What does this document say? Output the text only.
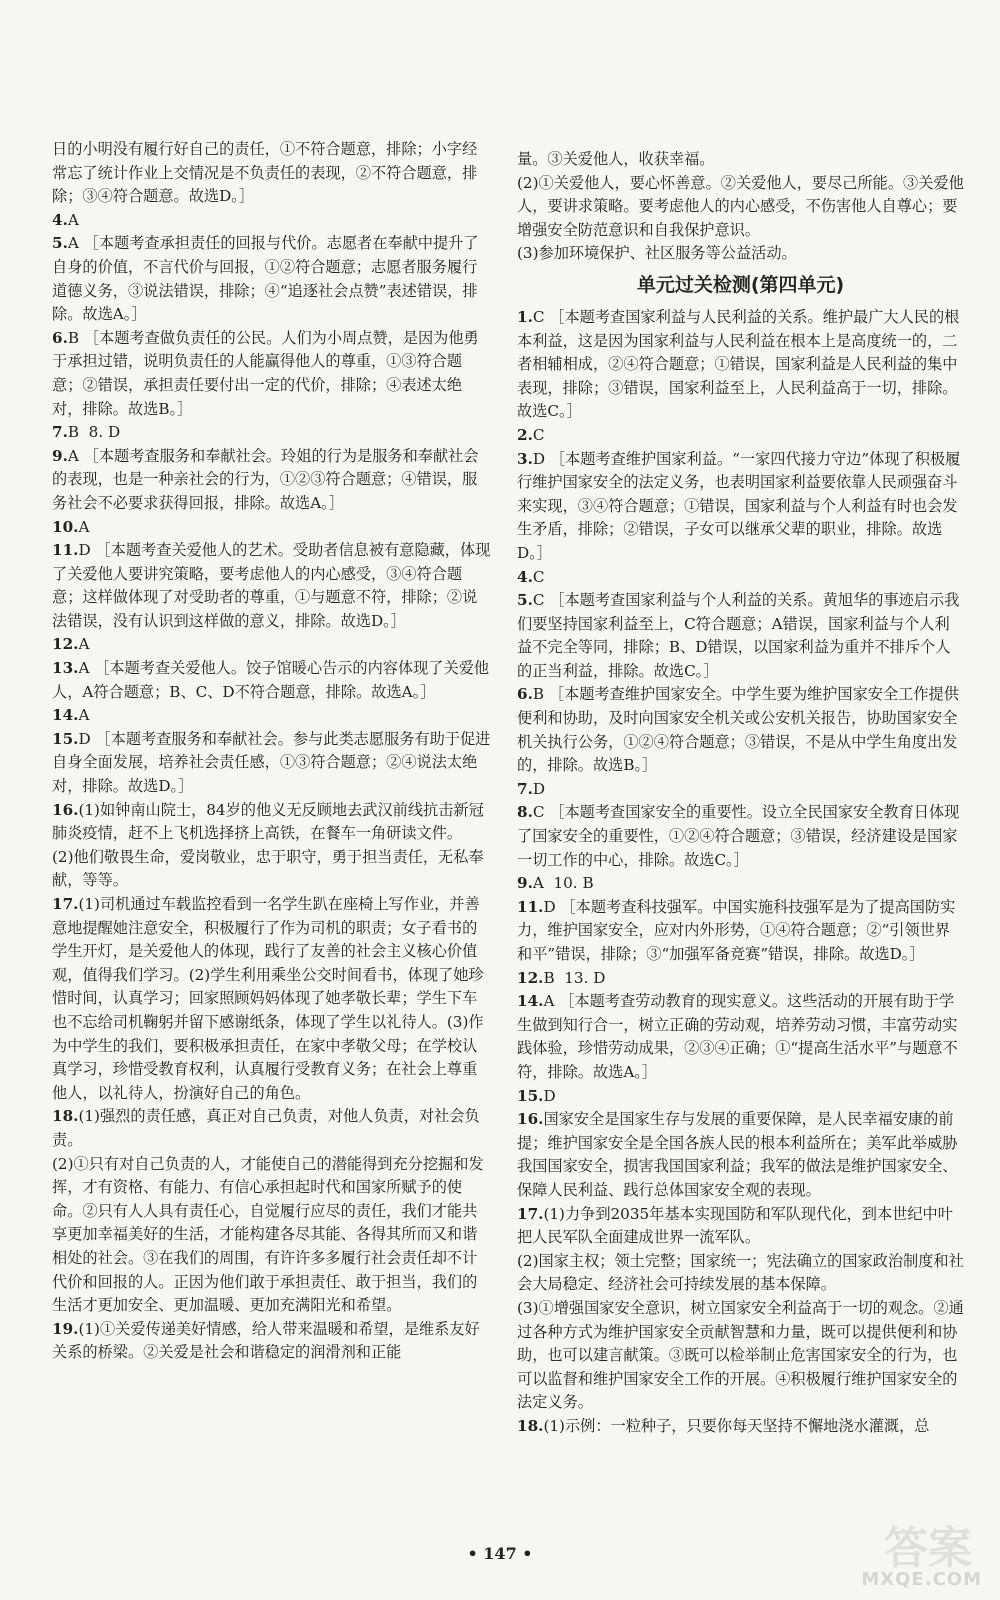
日的小明没有履行好自己的责任，①不符合题意，排除；小字经常忘了统计作业上交情况是不负责任的表现，②不符合题意，排除；③④符合题意。故选D。］
4.A
5.A ［本题考查承担责任的回报与代价。志愿者在奉献中提升了自身的价值，不言代价与回报，①②符合题意；志愿者服务履行道德义务，③说法错误，排除；④“追逐社会点赞”表述错误，排除。故选A。］
6.B ［本题考查做负责任的公民。人们为小周点赞，是因为他勇于承担过错，说明负责任的人能赢得他人的尊重，①③符合题意；②错误，承担责任要付出一定的代价，排除；④表述太绝对，排除。故选B。］
7.B  8. D
9.A ［本题考查服务和奉献社会。玲姐的行为是服务和奉献社会的表现，也是一种亲社会的行为，①②③符合题意；④错误，服务社会不必要求获得回报，排除。故选A。］
10.A
11.D ［本题考查关爱他人的艺术。受助者信息被有意隐藏，体现了关爱他人要讲究策略，要考虑他人的内心感受，③④符合题意；这样做体现了对受助者的尊重，①与题意不符，排除；②说法错误，没有认识到这样做的意义，排除。故选D。］
12.A
13.A ［本题考查关爱他人。饺子馆暖心告示的内容体现了关爱他人，A符合题意；B、C、D不符合题意，排除。故选A。］
14.A
15.D ［本题考查服务和奉献社会。参与此类志愿服务有助于促进自身全面发展，培养社会责任感，①③符合题意；②④说法太绝对，排除。故选D。］
16.(1)如钟南山院士，84岁的他义无反顾地去武汉前线抗击新冠肺炎疫情，赶不上飞机选择挤上高铁，在餐车一角研读文件。
(2)他们敬畏生命，爱岗敬业，忠于职守，勇于担当责任，无私奉献，等等。
17.(1)司机通过车载监控看到一名学生趴在座椅上写作业，并善意地提醒她注意安全，积极履行了作为司机的职责；女子看书的学生开灯，是关爱他人的体现，践行了友善的社会主义核心价值观，值得我们学习。(2)学生利用乘坐公交时间看书，体现了她珍惜时间，认真学习；回家照顾妈妈体现了她孝敬长辈；学生下车也不忘给司机鞠躬并留下感谢纸条，体现了学生以礼待人。(3)作为中学生的我们，要积极承担责任，在家中孝敬父母；在学校认真学习，珍惜受教育权利，认真履行受教育义务；在社会上尊重他人，以礼待人，扮演好自己的角色。
18.(1)强烈的责任感，真正对自己负责，对他人负责，对社会负责。
(2)①只有对自己负责的人，才能使自己的潜能得到充分挖掘和发挥，才有资格、有能力、有信心承担起时代和国家所赋予的使命。②只有人人具有责任心，自觉履行应尽的责任，我们才能共享更加幸福美好的生活，才能构建各尽其能、各得其所而又和谐相处的社会。③在我们的周围，有许许多多履行社会责任却不计代价和回报的人。正因为他们敢于承担责任、敢于担当，我们的生活才更加安全、更加温暖、更加充满阳光和希望。
19.(1)①关爱传递美好情感，给人带来温暖和希望，是维系友好关系的桥梁。②关爱是社会和谐稳定的润滑剂和正能
量。③关爱他人，收获幸福。
(2)①关爱他人，要心怀善意。②关爱他人，要尽己所能。③关爱他人，要讲求策略。要考虑他人的内心感受，不伤害他人自尊心；要增强安全防范意识和自我保护意识。
(3)参加环境保护、社区服务等公益活动。
单元过关检测(第四单元)
1.C ［本题考查国家利益与人民利益的关系。维护最广大人民的根本利益，这是因为国家利益与人民利益在根本上是高度统一的，二者相辅相成，②④符合题意；①错误，国家利益是人民利益的集中表现，排除；③错误，国家利益至上，人民利益高于一切，排除。故选C。］
2.C
3.D ［本题考查维护国家利益。“一家四代接力守边”体现了积极履行维护国家安全的法定义务，也表明国家利益要依靠人民顽强奋斗来实现，③④符合题意；①错误，国家利益与个人利益有时也会发生矛盾，排除；②错误，子女可以继承父辈的职业，排除。故选D。］
4.C
5.C ［本题考查国家利益与个人利益的关系。黄旭华的事迹启示我们要坚持国家利益至上，C符合题意；A错误，国家利益与个人利益不完全等同，排除；B、D错误，以国家利益为重并不排斥个人的正当利益，排除。故选C。］
6.B ［本题考查维护国家安全。中学生要为维护国家安全工作提供便利和协助，及时向国家安全机关或公安机关报告，协助国家安全机关执行公务，①②④符合题意；③错误，不是从中学生角度出发的，排除。故选B。］
7.D
8.C ［本题考查国家安全的重要性。设立全民国家安全教育日体现了国家安全的重要性，①②④符合题意；③错误，经济建设是国家一切工作的中心，排除。故选C。］
9.A  10. B
11.D ［本题考查科技强军。中国实施科技强军是为了提高国防实力，维护国家安全，应对内外形势，①④符合题意；②“引领世界和平”错误，排除；③“加强军备竞赛”错误，排除。故选D。］
12.B  13. D
14.A ［本题考查劳动教育的现实意义。这些活动的开展有助于学生做到知行合一，树立正确的劳动观，培养劳动习惯，丰富劳动实践体验，珍惜劳动成果，②③④正确；①“提高生活水平”与题意不符，排除。故选A。］
15.D
16.国家安全是国家生存与发展的重要保障，是人民幸福安康的前提；维护国家安全是全国各族人民的根本利益所在；美军此举威胁我国国家安全，损害我国国家利益；我军的做法是维护国家安全、保障人民利益、践行总体国家安全观的表现。
17.(1)力争到2035年基本实现国防和军队现代化，到本世纪中叶把人民军队全面建成世界一流军队。
(2)国家主权；领土完整；国家统一；宪法确立的国家政治制度和社会大局稳定、经济社会可持续发展的基本保障。
(3)①增强国家安全意识，树立国家安全利益高于一切的观念。②通过各种方式为维护国家安全贡献智慧和力量，既可以提供便利和协助，也可以建言献策。③既可以检举制止危害国家安全的行为，也可以监督和维护国家安全工作的开展。④积极履行维护国家安全的法定义务。
18.(1)示例：一粒种子，只要你每天坚持不懈地浇水灌溉，总
• 147 •	答案
MXQE.COM
